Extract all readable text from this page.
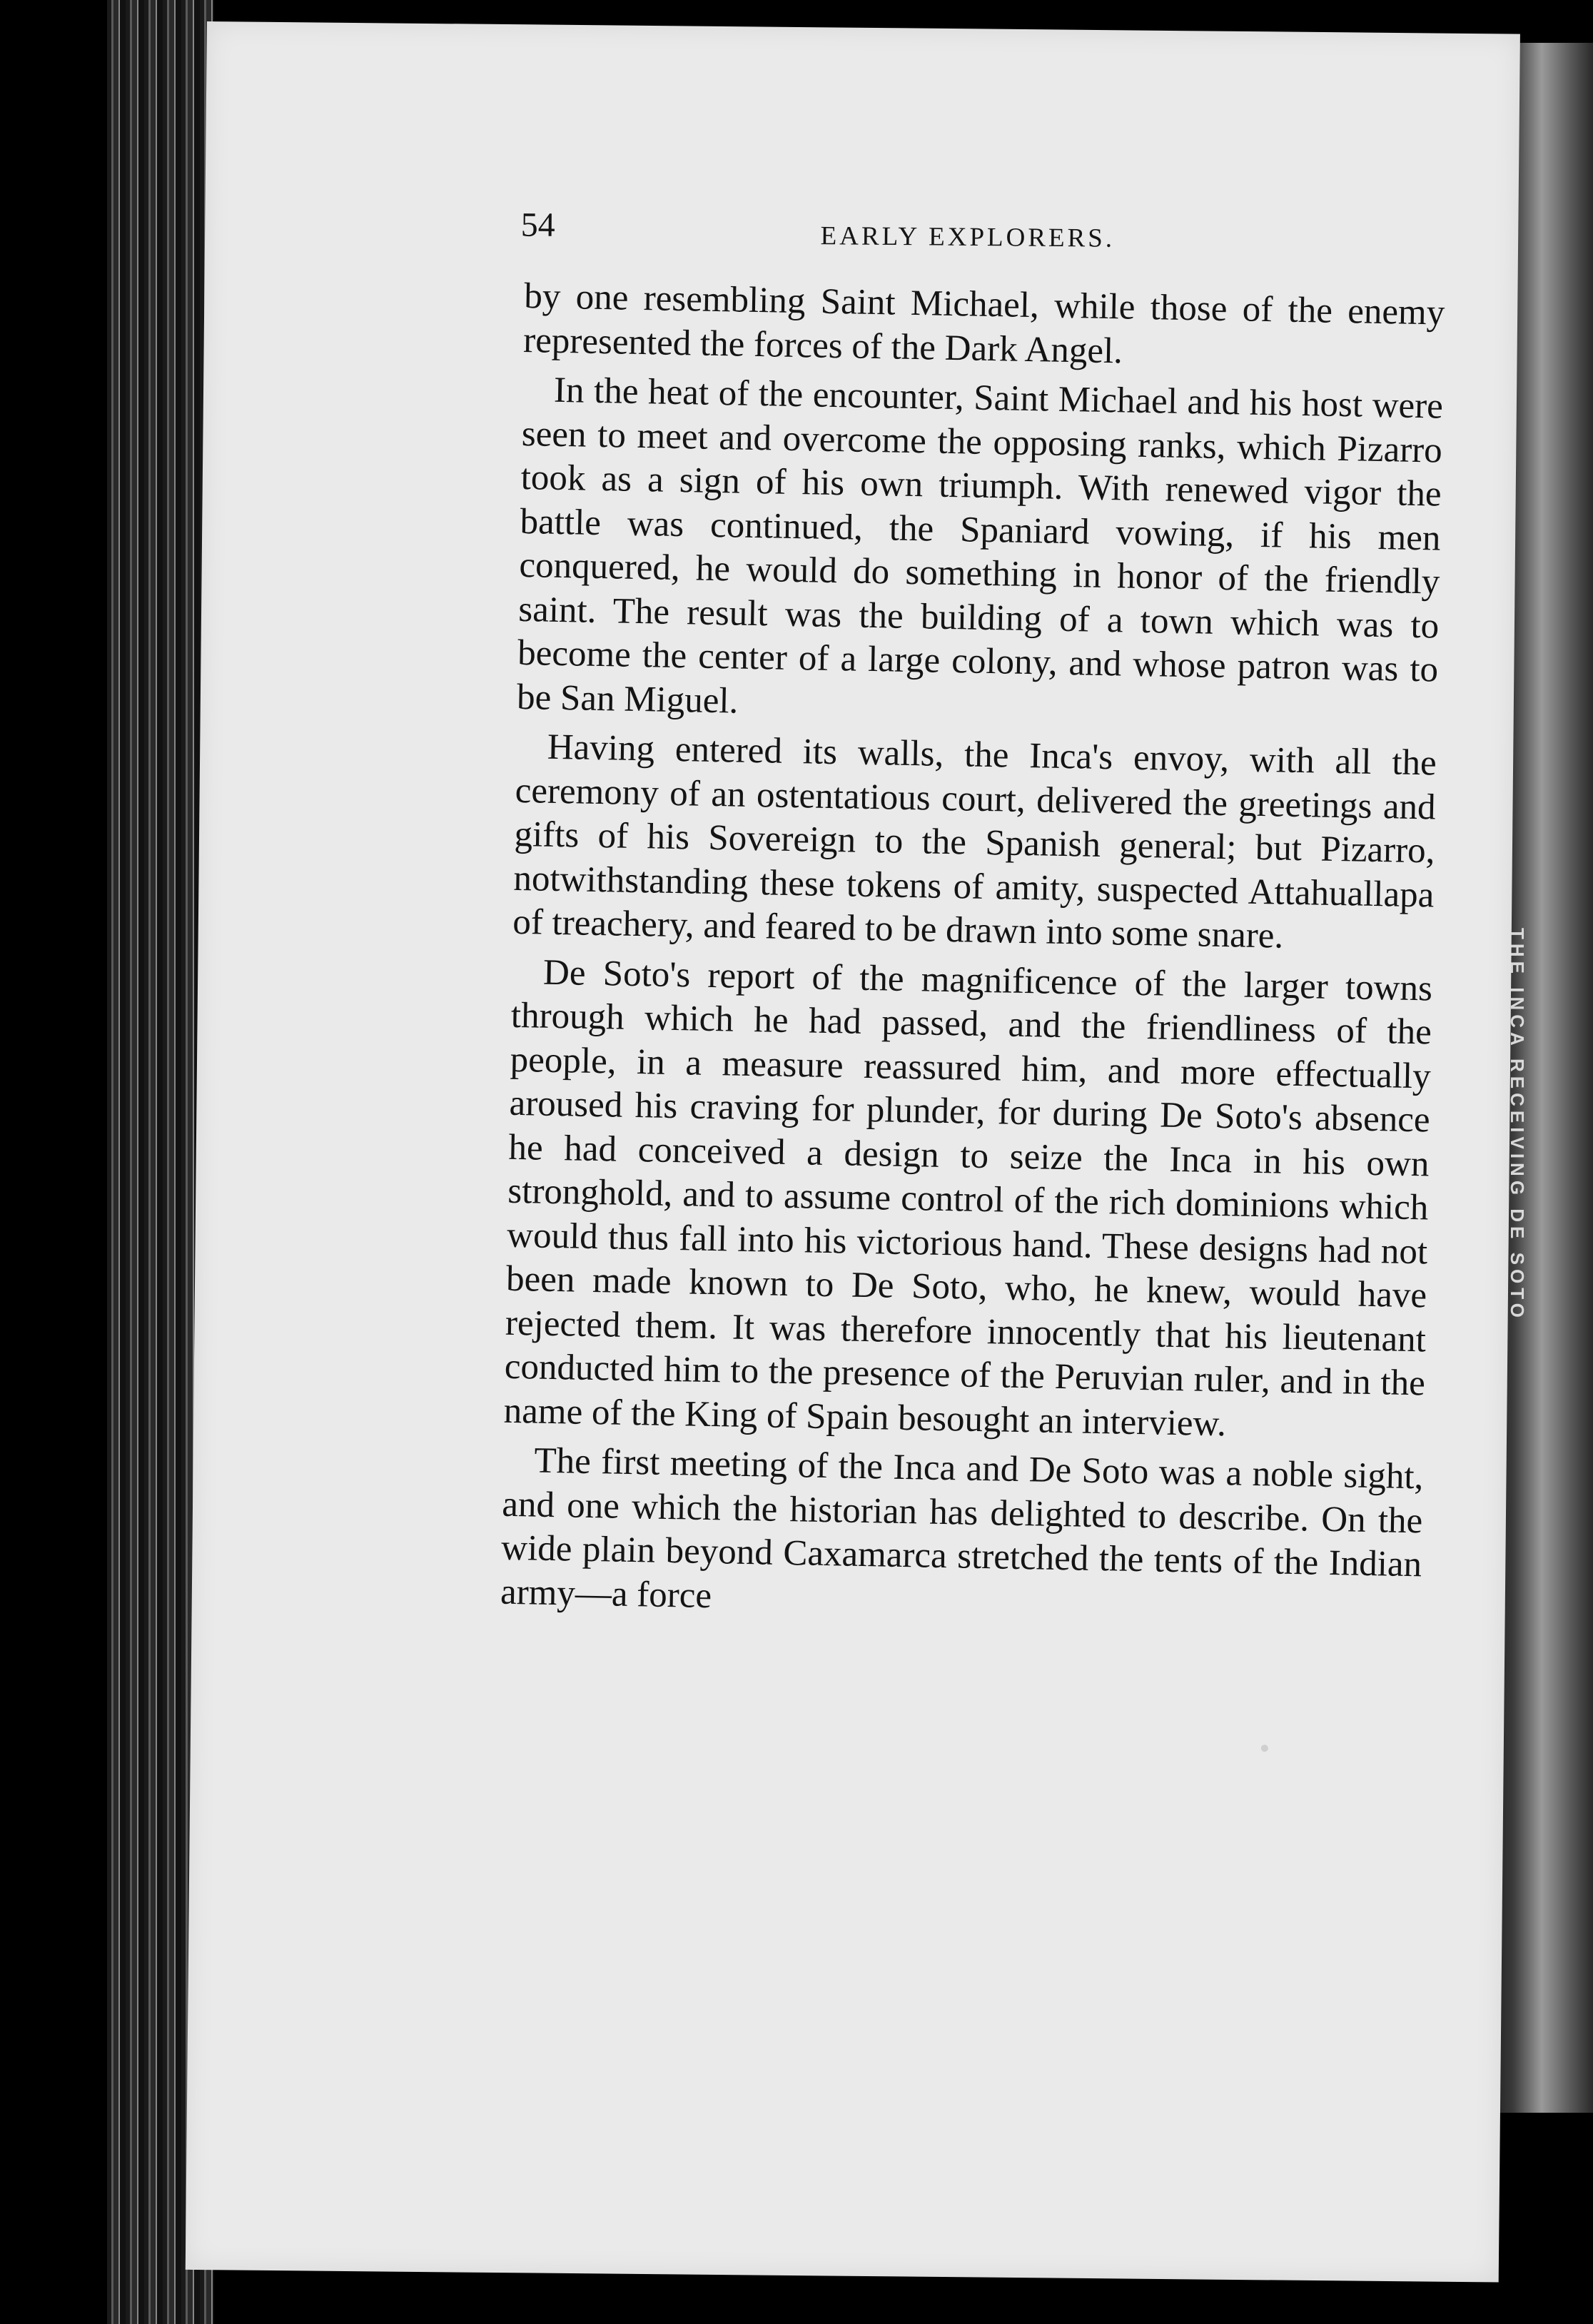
THE INCA RECEIVING DE SOTO
54	EARLY EXPLORERS.

by one resembling Saint Michael, while those of the enemy represented the forces of the Dark Angel.

In the heat of the encounter, Saint Michael and his host were seen to meet and overcome the opposing ranks, which Pizarro took as a sign of his own triumph. With renewed vigor the battle was continued, the Spaniard vowing, if his men conquered, he would do something in honor of the friendly saint. The result was the building of a town which was to become the center of a large colony, and whose patron was to be San Miguel.

Having entered its walls, the Inca's envoy, with all the ceremony of an ostentatious court, delivered the greetings and gifts of his Sovereign to the Spanish general; but Pizarro, notwithstanding these tokens of amity, suspected Attahuallapa of treachery, and feared to be drawn into some snare.

De Soto's report of the magnificence of the larger towns through which he had passed, and the friendliness of the people, in a measure reassured him, and more effectually aroused his craving for plunder, for during De Soto's absence he had conceived a design to seize the Inca in his own stronghold, and to assume control of the rich dominions which would thus fall into his victorious hand. These designs had not been made known to De Soto, who, he knew, would have rejected them. It was therefore innocently that his lieutenant conducted him to the presence of the Peruvian ruler, and in the name of the King of Spain besought an interview.

The first meeting of the Inca and De Soto was a noble sight, and one which the historian has delighted to describe. On the wide plain beyond Caxamarca stretched the tents of the Indian army—a force
